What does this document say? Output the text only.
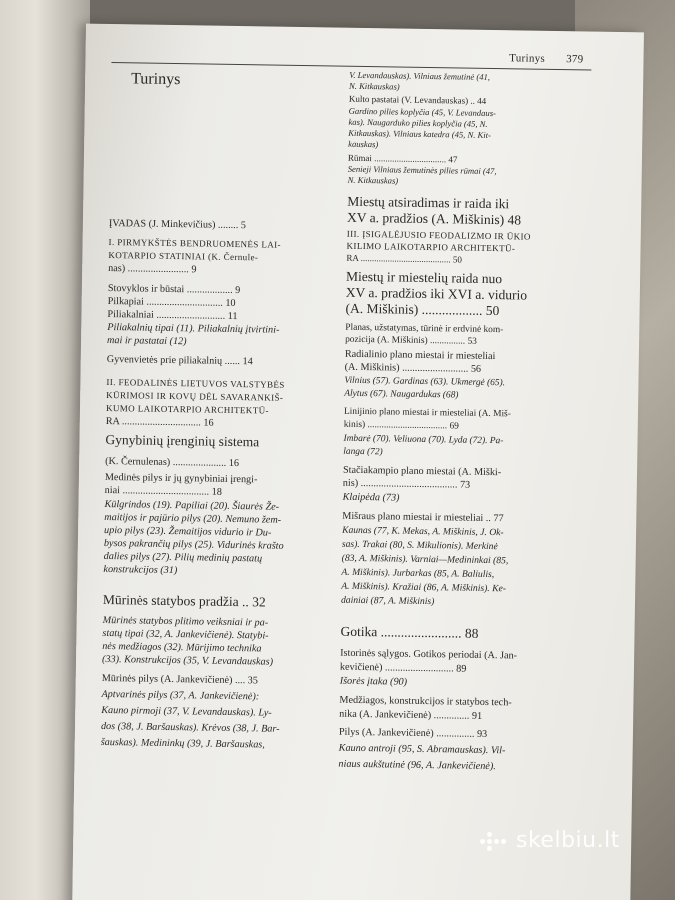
Turinys 379
Turinys
ĮVADAS (J. Minkevičius) ........ 5
I. PIRMYKŠTĖS BENDRUOMENĖS LAI-
KOTARPIO STATINIAI (K. Černule-
nas) ........................ 9
Stovyklos ir būstai .................. 9
Pilkapiai .............................. 10
Piliakalniai ........................... 11
Piliakalnių tipai (11). Piliakalnių įtvirtini-
mai ir pastatai (12)
Gyvenvietės prie piliakalnių ...... 14
II. FEODALINĖS LIETUVOS VALSTYBĖS
KŪRIMOSI IR KOVŲ DĖL SAVARANKIŠ-
KUMO LAIKOTARPIO ARCHITEKTŪ-
RA ............................... 16
Gynybinių įrenginių sistema
(K. Černulenas) ..................... 16
Medinės pilys ir jų gynybiniai įrengi-
niai .................................. 18
Kūlgrindos (19). Papiliai (20). Šiaurės Že-
maitijos ir pajūrio pilys (20). Nemuno žem-
upio pilys (23). Žemaitijos vidurio ir Du-
bysos pakrančių pilys (25). Vidurinės krašto
dalies pilys (27). Pilių medinių pastatų
konstrukcijos (31)
Mūrinės statybos pradžia .. 32
Mūrinės statybos plitimo veiksniai ir pa-
statų tipai (32, A. Jankevičienė). Statybi-
nės medžiagos (32). Mūrijimo technika
(33). Konstrukcijos (35, V. Levandauskas)
Mūrinės pilys (A. Jankevičienė) .... 35
Aptvarinės pilys (37, A. Jankevičienė):
Kauno pirmoji (37, V. Levandauskas). Ly-
dos (38, J. Baršauskas). Krėvos (38, J. Bar-
šauskas). Medininkų (39, J. Baršauskas,
V. Levandauskas). Vilniaus žemutinė (41,
N. Kitkauskas)
Kulto pastatai (V. Levandauskas) .. 44
Gardino pilies koplyčia (45, V. Levandaus-
kas). Naugarduko pilies koplyčia (45, N.
Kitkauskas). Vilniaus katedra (45, N. Kit-
kauskas)
Rūmai ................................ 47
Senieji Vilniaus žemutinės pilies rūmai (47,
N. Kitkauskas)
Miestų atsiradimas ir raida iki
XV a. pradžios (A. Miškinis) 48
III. ĮSIGALĖJUSIO FEODALIZMO IR ŪKIO
KILIMO LAIKOTARPIO ARCHITEKTŪ-
RA ........................................ 50
Miestų ir miestelių raida nuo
XV a. pradžios iki XVI a. vidurio
(A. Miškinis) .................. 50
Planas, užstatymas, tūrinė ir erdvinė kom-
pozicija (A. Miškinis) ............... 53
Radialinio plano miestai ir miesteliai
(A. Miškinis) .......................... 56
Vilnius (57). Gardinas (63). Ukmergė (65).
Alytus (67). Naugardukas (68)
Linijinio plano miestai ir miesteliai (A. Miš-
kinis) .................................. 69
Imbarė (70). Veliuona (70). Lyda (72). Pa-
langa (72)
Stačiakampio plano miestai (A. Miški-
nis) ...................................... 73
Klaipėda (73)
Mišraus plano miestai ir miesteliai .. 77
Kaunas (77, K. Mekas, A. Miškinis, J. Ok-
sas). Trakai (80, S. Mikulionis). Merkinė
(83, A. Miškinis). Varniai—Medininkai (85,
A. Miškinis). Jurbarkas (85, A. Baliulis,
A. Miškinis). Kražiai (86, A. Miškinis). Ke-
dainiai (87, A. Miškinis)
Gotika ........................ 88
Istorinės sąlygos. Gotikos periodai (A. Jan-
kevičienė) ........................... 89
Išorės įtaka (90)
Medžiagos, konstrukcijos ir statybos tech-
nika (A. Jankevičienė) .............. 91
Pilys (A. Jankevičienė) ............... 93
Kauno antroji (95, S. Abramauskas). Vil-
niaus aukštutinė (96, A. Jankevičienė).
skelbiu.lt
